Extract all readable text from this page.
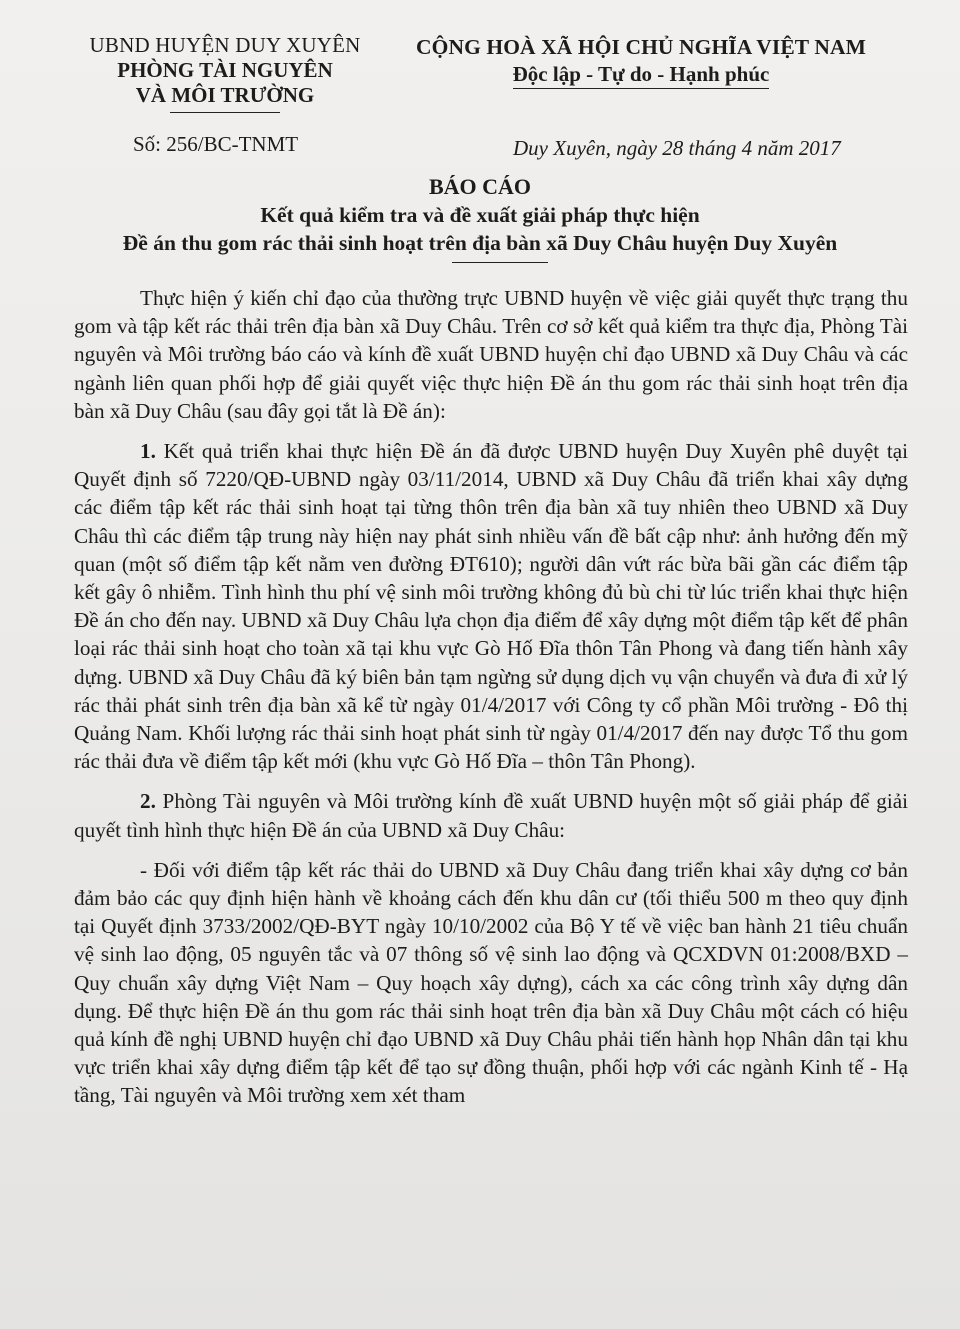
UBND HUYỆN DUY XUYÊN
PHÒNG TÀI NGUYÊN
VÀ MÔI TRƯỜNG
CỘNG HOÀ XÃ HỘI CHỦ NGHĨA VIỆT NAM
Độc lập - Tự do - Hạnh phúc
Số: 256/BC-TNMT	Duy Xuyên, ngày 28 tháng 4 năm 2017
BÁO CÁO
Kết quả kiểm tra và đề xuất giải pháp thực hiện
Đề án thu gom rác thải sinh hoạt trên địa bàn xã Duy Châu huyện Duy Xuyên

Thực hiện ý kiến chỉ đạo của thường trực UBND huyện về việc giải quyết thực trạng thu gom và tập kết rác thải trên địa bàn xã Duy Châu. Trên cơ sở kết quả kiểm tra thực địa, Phòng Tài nguyên và Môi trường báo cáo và kính đề xuất UBND huyện chỉ đạo UBND xã Duy Châu và các ngành liên quan phối hợp để giải quyết việc thực hiện Đề án thu gom rác thải sinh hoạt trên địa bàn xã Duy Châu (sau đây gọi tắt là Đề án):

1. Kết quả triển khai thực hiện Đề án đã được UBND huyện Duy Xuyên phê duyệt tại Quyết định số 7220/QĐ-UBND ngày 03/11/2014, UBND xã Duy Châu đã triển khai xây dựng các điểm tập kết rác thải sinh hoạt tại từng thôn trên địa bàn xã tuy nhiên theo UBND xã Duy Châu thì các điểm tập trung này hiện nay phát sinh nhiều vấn đề bất cập như: ảnh hưởng đến mỹ quan (một số điểm tập kết nằm ven đường ĐT610); người dân vứt rác bừa bãi gần các điểm tập kết gây ô nhiễm. Tình hình thu phí vệ sinh môi trường không đủ bù chi từ lúc triển khai thực hiện Đề án cho đến nay. UBND xã Duy Châu lựa chọn địa điểm để xây dựng một điểm tập kết để phân loại rác thải sinh hoạt cho toàn xã tại khu vực Gò Hố Đĩa thôn Tân Phong và đang tiến hành xây dựng. UBND xã Duy Châu đã ký biên bản tạm ngừng sử dụng dịch vụ vận chuyển và đưa đi xử lý rác thải phát sinh trên địa bàn xã kể từ ngày 01/4/2017 với Công ty cổ phần Môi trường - Đô thị Quảng Nam. Khối lượng rác thải sinh hoạt phát sinh từ ngày 01/4/2017 đến nay được Tổ thu gom rác thải đưa về điểm tập kết mới (khu vực Gò Hố Đĩa – thôn Tân Phong).

2. Phòng Tài nguyên và Môi trường kính đề xuất UBND huyện một số giải pháp để giải quyết tình hình thực hiện Đề án của UBND xã Duy Châu:

- Đối với điểm tập kết rác thải do UBND xã Duy Châu đang triển khai xây dựng cơ bản đảm bảo các quy định hiện hành về khoảng cách đến khu dân cư (tối thiểu 500 m theo quy định tại Quyết định 3733/2002/QĐ-BYT ngày 10/10/2002 của Bộ Y tế về việc ban hành 21 tiêu chuẩn vệ sinh lao động, 05 nguyên tắc và 07 thông số vệ sinh lao động và QCXDVN 01:2008/BXD – Quy chuẩn xây dựng Việt Nam – Quy hoạch xây dựng), cách xa các công trình xây dựng dân dụng. Để thực hiện Đề án thu gom rác thải sinh hoạt trên địa bàn xã Duy Châu một cách có hiệu quả kính đề nghị UBND huyện chỉ đạo UBND xã Duy Châu phải tiến hành họp Nhân dân tại khu vực triển khai xây dựng điểm tập kết để tạo sự đồng thuận, phối hợp với các ngành Kinh tế - Hạ tầng, Tài nguyên và Môi trường xem xét tham
